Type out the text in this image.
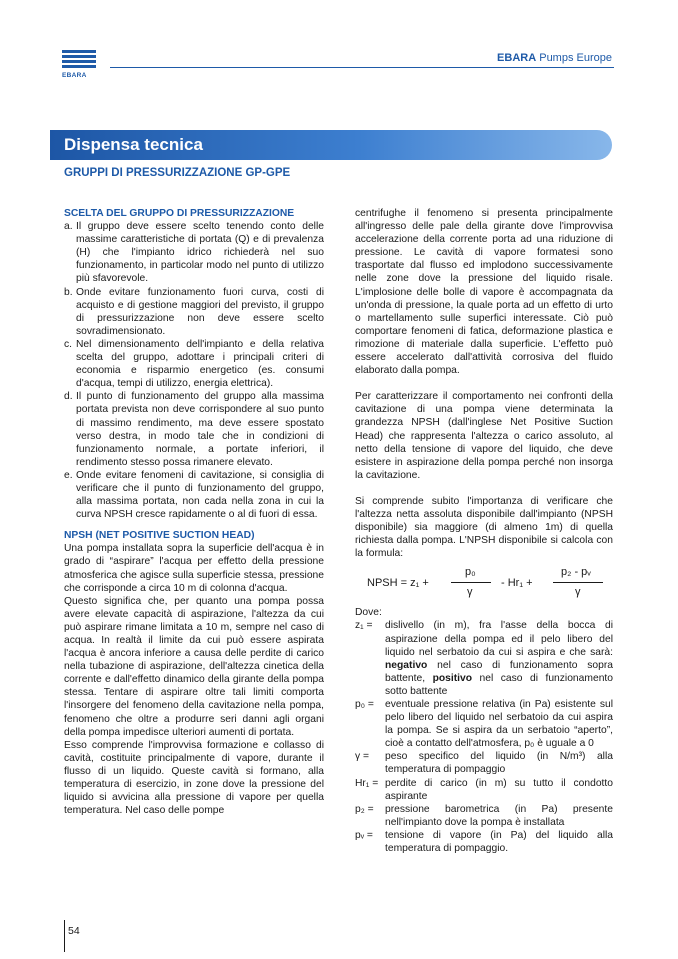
EBARA
EBARA Pumps Europe
Dispensa tecnica
GRUPPI DI PRESSURIZZAZIONE GP-GPE

SCELTA DEL GRUPPO DI PRESSURIZZAZIONE

a. Il gruppo deve essere scelto tenendo conto delle massime caratteristiche di portata (Q) e di prevalenza (H) che l'impianto idrico richiederà nel suo funzionamento, in particolar modo nel punto di utilizzo più sfavorevole.
b. Onde evitare funzionamento fuori curva, costi di acquisto e di gestione maggiori del previsto, il gruppo di pressurizzazione non deve essere scelto sovradimensionato.
c. Nel dimensionamento dell'impianto e della relativa scelta del gruppo, adottare i principali criteri di economia e risparmio energetico (es. consumi d'acqua, tempi di utilizzo, energia elettrica).
d. Il punto di funzionamento del gruppo alla massima portata prevista non deve corrispondere al suo punto di massimo rendimento, ma deve essere spostato verso destra, in modo tale che in condizioni di funzionamento normale, a portate inferiori, il rendimento stesso possa rimanere elevato.
e. Onde evitare fenomeni di cavitazione, si consiglia di verificare che il punto di funzionamento del gruppo, alla massima portata, non cada nella zona in cui la curva NPSH cresce rapidamente o al di fuori di essa.

NPSH (NET POSITIVE SUCTION HEAD)

Una pompa installata sopra la superficie dell'acqua è in grado di “aspirare” l'acqua per effetto della pressione atmosferica che agisce sulla superficie stessa, pressione che corrisponde a circa 10 m di colonna d'acqua.

Questo significa che, per quanto una pompa possa avere elevate capacità di aspirazione, l'altezza da cui può aspirare rimane limitata a 10 m, sempre nel caso di acqua. In realtà il limite da cui può essere aspirata l'acqua è ancora inferiore a causa delle perdite di carico nella tubazione di aspirazione, dell'altezza cinetica della corrente e dall'effetto dinamico della girante della pompa stessa. Tentare di aspirare oltre tali limiti comporta l'insorgere del fenomeno della cavitazione nella pompa, fenomeno che oltre a produrre seri danni agli organi della pompa impedisce ulteriori aumenti di portata.

Esso comprende l'improvvisa formazione e collasso di cavità, costituite principalmente di vapore, durante il flusso di un liquido. Queste cavità si formano, alla temperatura di esercizio, in zone dove la pressione del liquido si avvicina alla pressione di vapore per quella temperatura. Nel caso delle pompe

centrifughe il fenomeno si presenta principalmente all'ingresso delle pale della girante dove l'improvvisa accelerazione della corrente porta ad una riduzione di pressione. Le cavità di vapore formatesi sono trasportate dal flusso ed implodono successivamente nelle zone dove la pressione del liquido risale. L'implosione delle bolle di vapore è accompagnata da un'onda di pressione, la quale porta ad un effetto di urto o martellamento sulle superfici interessate. Ciò può comportare fenomeni di fatica, deformazione plastica e rimozione di materiale dalla superficie. L'effetto può essere accelerato dall'attività corrosiva del fluido elaborato dalla pompa.

Per caratterizzare il comportamento nei confronti della cavitazione di una pompa viene determinata la grandezza NPSH (dall'inglese Net Positive Suction Head) che rappresenta l'altezza o carico assoluto, al netto della tensione di vapore del liquido, che deve esistere in aspirazione della pompa perché non insorga la cavitazione.

Si comprende subito l'importanza di verificare che l'altezza netta assoluta disponibile dall'impianto (NPSH disponibile) sia maggiore (di almeno 1m) di quella richiesta dalla pompa. L'NPSH disponibile si calcola con la formula:

NPSH = z₁ +
p₀
γ
- Hr₁ +
p₂ - pᵥ
γ

Dove:

z₁ =	dislivello (in m), fra l'asse della bocca di aspirazione della pompa ed il pelo libero del liquido nel serbatoio da cui si aspira e che sarà: negativo nel caso di funzionamento sopra battente, positivo nel caso di funzionamento sotto battente
p₀ =	eventuale pressione relativa (in Pa) esistente sul pelo libero del liquido nel serbatoio da cui aspira la pompa. Se si aspira da un serbatoio “aperto”, cioè a contatto dell'atmosfera, p₀ è uguale a 0
γ =	peso specifico del liquido (in N/m³) alla temperatura di pompaggio
Hr₁ = perdite di carico (in m) su tutto il condotto aspirante
p₂ =	pressione barometrica (in Pa) presente nell'impianto dove la pompa è installata
pᵥ =	tensione di vapore (in Pa) del liquido alla temperatura di pompaggio.
54
